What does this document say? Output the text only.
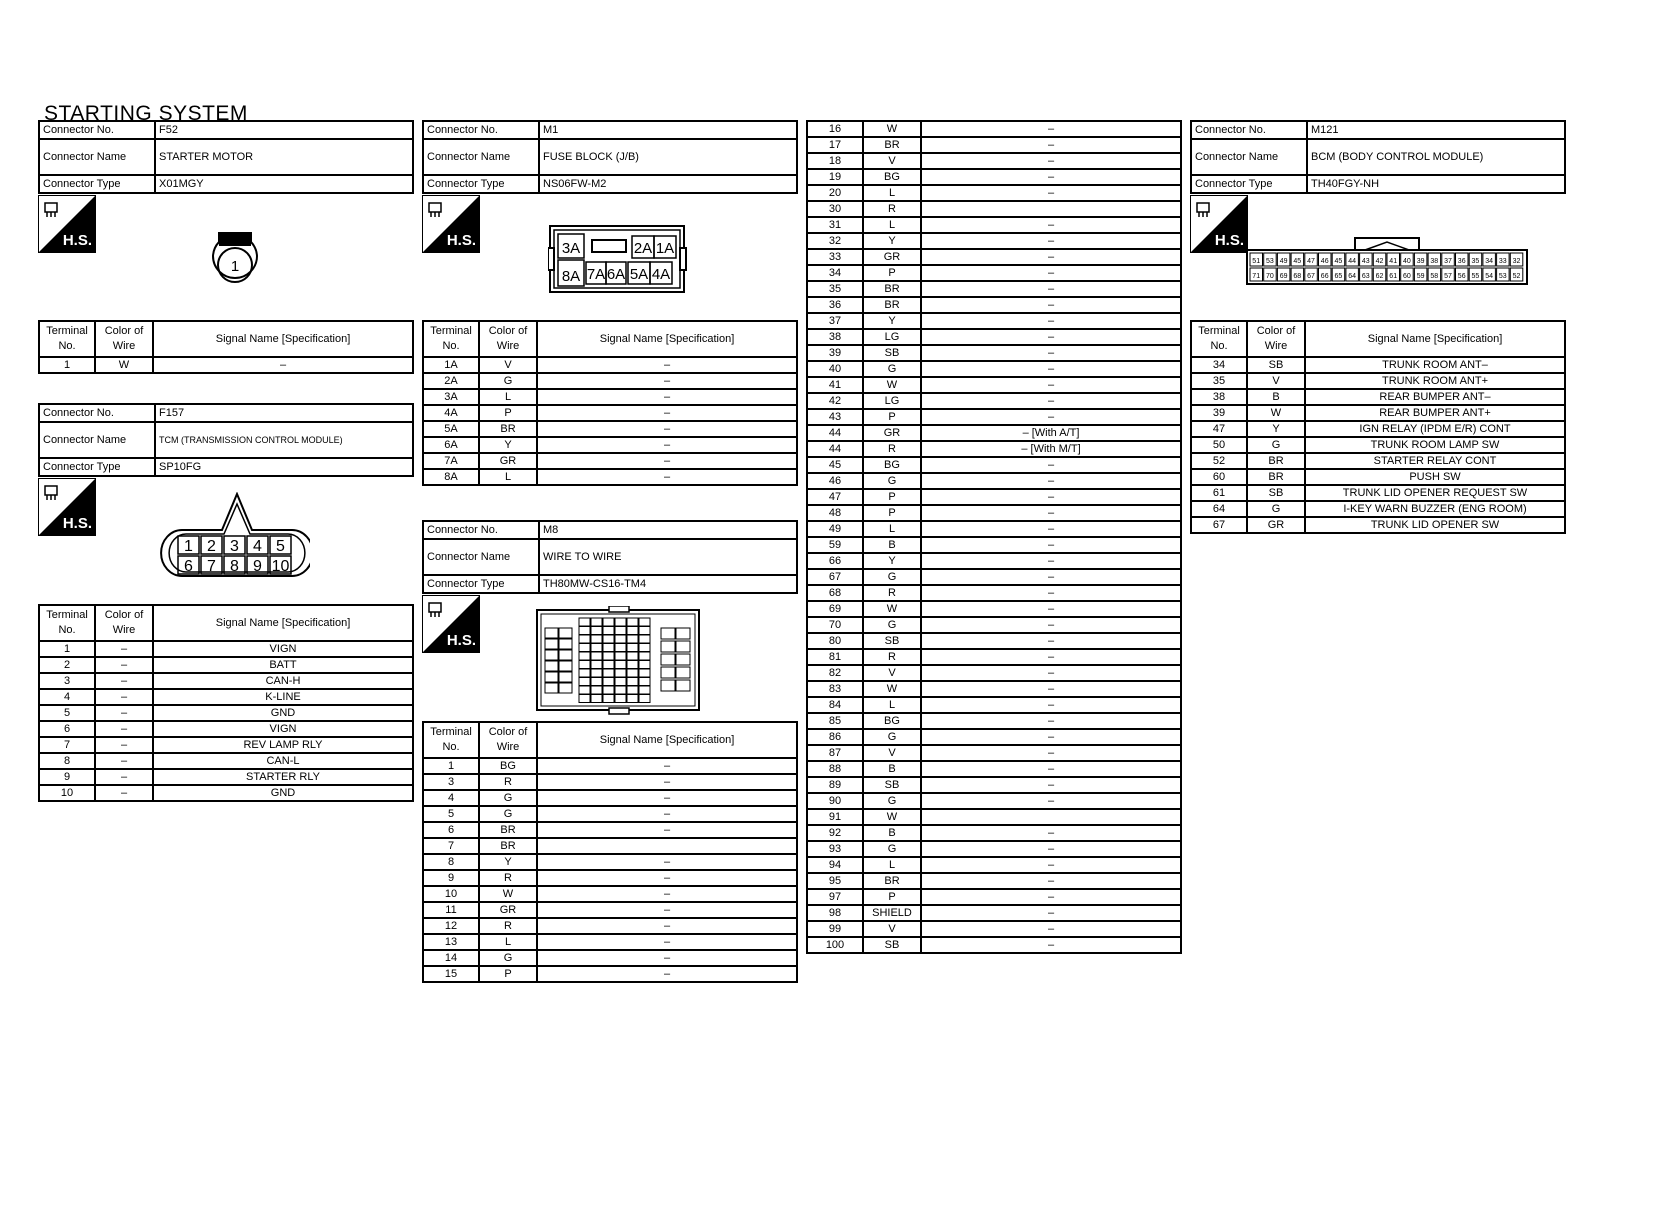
STARTING SYSTEM
Connector No.	F52
Connector Name	STARTER MOTOR
Connector Type	X01MGY
H.S.
1
Terminal No.	Color of Wire	Signal Name [Specification]
1	W	–
Connector No.	F157
Connector Name	TCM (TRANSMISSION CONTROL MODULE)
Connector Type	SP10FG
H.S.
1 2 3 4 5
6 7 8 9 10
Terminal No.	Color of Wire	Signal Name [Specification]
1	–	VIGN
2	–	BATT
3	–	CAN-H
4	–	K-LINE
5	–	GND
6	–	VIGN
7	–	REV LAMP RLY
8	–	CAN-L
9	–	STARTER RLY
10	–	GND
Connector No.	M1
Connector Name	FUSE BLOCK (J/B)
Connector Type	NS06FW-M2
H.S.	3A	2A 1A
8A 7A 6A 5A 4A
Terminal No.	Color of Wire	Signal Name [Specification]
1A	V	–
2A	G	–
3A	L	–
4A	P	–
5A	BR	–
6A	Y	–
7A	GR	–
8A	L	–
Connector No.	M8
Connector Name	WIRE TO WIRE
Connector Type	TH80MW-CS16-TM4
H.S.
Terminal No.	Color of Wire	Signal Name [Specification]
1	BG	–
3	R	–
4	G	–
5	G	–
6	BR	–
7	BR	
8	Y	–
9	R	–
10	W	–
11	GR	–
12	R	–
13	L	–
14	G	–
15	P	–
16	W	–
17	BR	–
18	V	–
19	BG	–
20	L	–
30	R	
31	L	–
32	Y	–
33	GR	–
34	P	–
35	BR	–
36	BR	–
37	Y	–
38	LG	–
39	SB	–
40	G	–
41	W	–
42	LG	–
43	P	–
44	GR	– [With A/T]
44	R	– [With M/T]
45	BG	–
46	G	–
47	P	–
48	P	–
49	L	–
59	B	–
66	Y	–
67	G	–
68	R	–
69	W	–
70	G	–
80	SB	–
81	R	–
82	V	–
83	W	–
84	L	–
85	BG	–
86	G	–
87	V	–
88	B	–
89	SB	–
90	G	–
91	W	
92	B	–
93	G	–
94	L	–
95	BR	–
97	P	–
98	SHIELD	–
99	V	–
100	SB	–
Connector No.	M121
Connector Name	BCM (BODY CONTROL MODULE)
Connector Type	TH40FGY-NH
H.S.
51 53 49 45 47 46 45 44 43 42 41 40 39 38 37 36 35 34 33 32
71 70 69 68 67 66 65 64 63 62 61 60 59 58 57 56 55 54 53 52
Terminal No.	Color of Wire	Signal Name [Specification]
34	SB	TRUNK ROOM ANT–
35	V	TRUNK ROOM ANT+
38	B	REAR BUMPER ANT–
39	W	REAR BUMPER ANT+
47	Y	IGN RELAY (IPDM E/R) CONT
50	G	TRUNK ROOM LAMP SW
52	BR	STARTER RELAY CONT
60	BR	PUSH SW
61	SB	TRUNK LID OPENER REQUEST SW
64	G	I-KEY WARN BUZZER (ENG ROOM)
67	GR	TRUNK LID OPENER SW
